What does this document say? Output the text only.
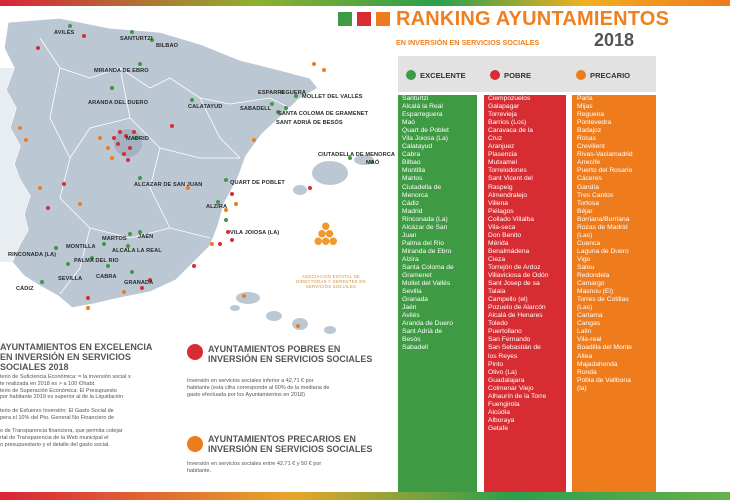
AVILÉS
SANTURTZI
BILBAO
MIRANDA DE EBRO
ARANDA DEL DUERO
CALATAYUD
ESPARREGUERA
MOLLET DEL VALLÉS
SABADELL
SANTA COLOMA DE GRAMENET
SANT ADRIÀ DE BESÓS
MADRID
CIUTADELLA DE MENORCA
MAÓ
ALCAZAR DE SAN JUAN	QUART DE POBLET
ALZIRA
VILA JOIOSA (LA)
MARTOS JAÉN
MONTILLA
ALCALA LA REAL
RINCONADA (LA)
PALMA DEL RIO
SEVILLA CABRA
GRANADA
CÁDIZ
ASOCIACION ESTATAL DE
DIRECTORAS Y GERENTES EN
SERVICIOS SOCIALES
RANKING AYUNTAMIENTOS
EN INVERSIÓN EN SERVICIOS SOCIALES	2018
EXCELENTE	POBRE	PRECARIO
Santurtzi
Alcalá la Real
Esparreguera
Maó
Quart de Poblet
Vila Joiosa (La)
Calatayud
Cabra
Bilbao
Montilla
Martos
Ciutadella de
Menorca
Cádiz
Madrid
Rinconada (La)
Alcázar de San
Juan
Palma del Río
Miranda de Ebro
Alzira
Santa Coloma de
Gramenet
Mollet del Vallés
Sevilla
Granada
Jaén
Avilés
Aranda de Duero
Sant Adrià de
Besòs
Sabadell
Ciempozuelos
Galapagar
Torrevieja
Barrios (Los)
Caravaca de la
Cruz
Aranjuez
Plasencia
Mutxamel
Torrelodones
Sant Vicent del
Raspeig
Almendralejo
Villena
Piélagos
Collado Villalba
Vila-seca
Don Benito
Mérida
Benalmádena
Cieza
Torrejón de Ardoz
Villaviciosa de Odón
Sant Josep de sa
Talaia
Campello (el)
Pozuelo de Alarcón
Alcalá de Henares
Toledo
Puertollano
San Fernando
San Sebastián de
los Reyes
Pinto
Olivo (La)
Guadalajara
Colmenar Viejo
Alhaurín de la Torre
Fuengirola
Alcúdia
Alboraya
Getafe
Parla
Mijas
Reguena
Pontevedra
Badajoz
Rosas
Crevillent
Rivas-Vaciamadrid
Arrecife
Puerto del Rosario
Cáceres
Gandía
Tres Cantos
Tortosa
Béjar
Borriana/Burriana
Rozas de Madrid
(Las)
Cuenca
Laguna de Duero
Vigo
Salou
Redondela
Camargo
Masnou (El)
Torres de Cotillas
(Las)
Cartama
Cangas
Lalín
Vila-real
Boadilla del Monte
Altea
Majadahonda
Ronda
Pobla de Vallbona
(la)
AYUNTAMIENTOS EN EXCELENCIA
EN INVERSIÓN EN SERVICIOS
SOCIALES 2018
terio de Suficiencia Económica: = la inversión social x
te realizada en 2018 es > a 100 €/habt.
terio de Superación Económica: El Presupuesto
por habitante 2019 es superior al de la Liquidación

terio de Esfuerzo Inversión: El Gasto Social de
pera el 10% del Pto. General No Financiero de

o de Transparencia financiera, que permita cotejar
rtal de Transparencia de la Web municipal el
o presupuestario y el detalle del gasto social.
AYUNTAMIENTOS POBRES EN
INVERSIÓN EN SERVICIOS SOCIALES
Inversión en servicios sociales inferior a 42,71 € por
habitante (esta cifra corresponde al 60% de la mediana de
gasto efectuada por los Ayuntamientos en 2018)
AYUNTAMIENTOS PRECARIOS EN
INVERSIÓN EN SERVICIOS SOCIALES
Inversión en servicios sociales entre 42,71 € y 50 € por
habitante.
